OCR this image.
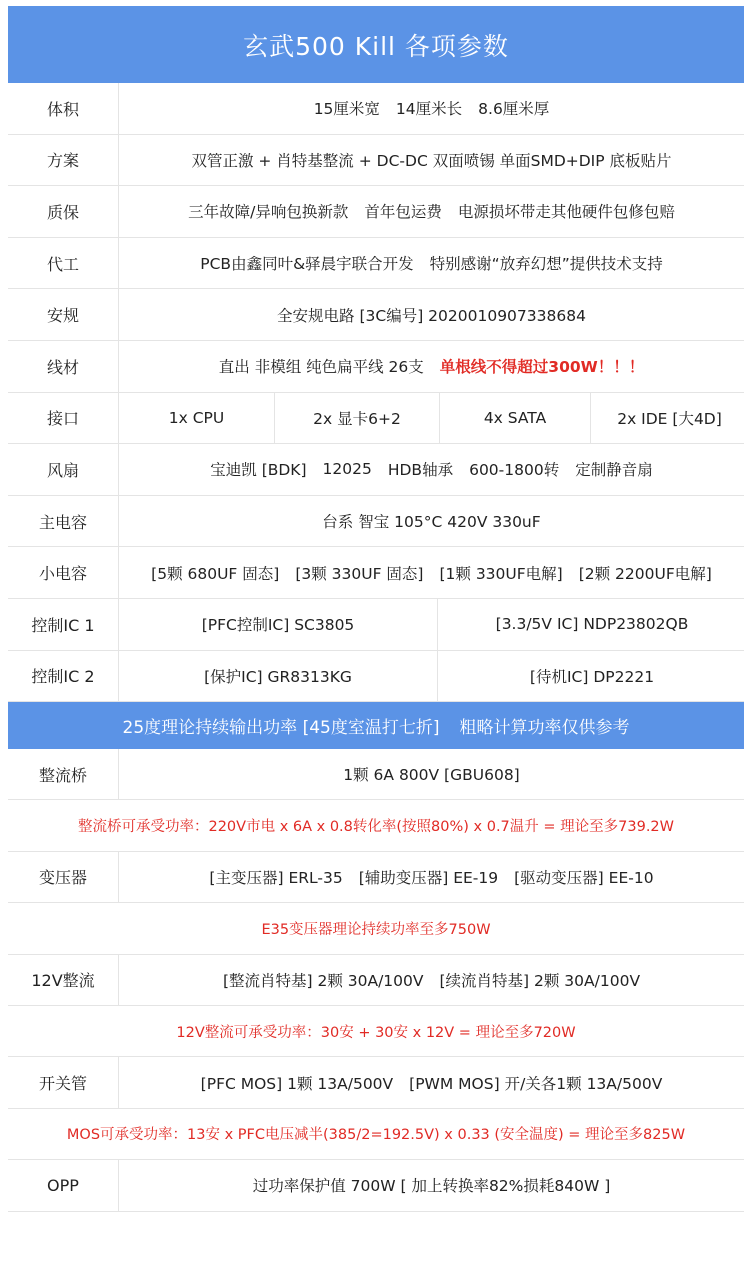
玄武500 Kill 各项参数
体积	15厘米宽 14厘米长 8.6厘米厚
方案	双管正激 + 肖特基整流 + DC-DC 双面喷锡 单面SMD+DIP 底板贴片
质保	三年故障/异响包换新款 首年包运费 电源损坏带走其他硬件包修包赔
代工	PCB由鑫同叶&驿晨宇联合开发 特别感谢“放弃幻想”提供技术支持
安规	全安规电路 [3C编号] 2020010907338684
线材	直出 非模组 纯色扁平线 26支 单根线不得超过300W！！！
接口	1x CPU	2x 显卡6+2	4x SATA	2x IDE [大4D]
风扇	宝迪凯 [BDK] 12025 HDB轴承 600-1800转 定制静音扇
主电容	台系 智宝 105°C 420V 330uF
小电容	[5颗 680UF 固态] [3颗 330UF 固态] [1颗 330UF电解] [2颗 2200UF电解]
控制IC 1	[PFC控制IC] SC3805	[3.3/5V IC] NDP23802QB
控制IC 2	[保护IC] GR8313KG	[待机IC] DP2221
25度理论持续输出功率 [45度室温打七折] 粗略计算功率仅供参考
整流桥	1颗 6A 800V [GBU608]
整流桥可承受功率：220V市电 x 6A x 0.8转化率(按照80%) x 0.7温升 = 理论至多739.2W
变压器	[主变压器] ERL-35 [辅助变压器] EE-19 [驱动变压器] EE-10
E35变压器理论持续功率至多750W
12V整流	[整流肖特基] 2颗 30A/100V [续流肖特基] 2颗 30A/100V
12V整流可承受功率：30安 + 30安 x 12V = 理论至多720W
开关管	[PFC MOS] 1颗 13A/500V [PWM MOS] 开/关各1颗 13A/500V
MOS可承受功率：13安 x PFC电压减半(385/2=192.5V) x 0.33 (安全温度) = 理论至多825W
OPP	过功率保护值 700W [ 加上转换率82%损耗840W ]
